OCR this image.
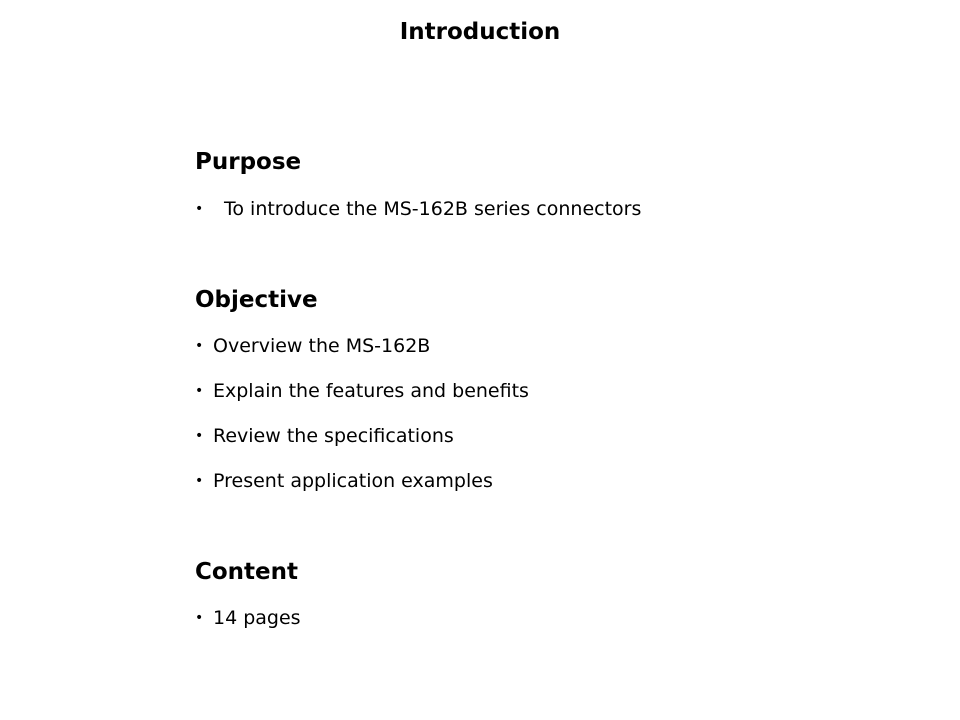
Introduction
Purpose
• To introduce the MS-162B series connectors
Objective
• Overview the MS-162B
• Explain the features and benefits
• Review the specifications
• Present application examples
Content
• 14 pages
